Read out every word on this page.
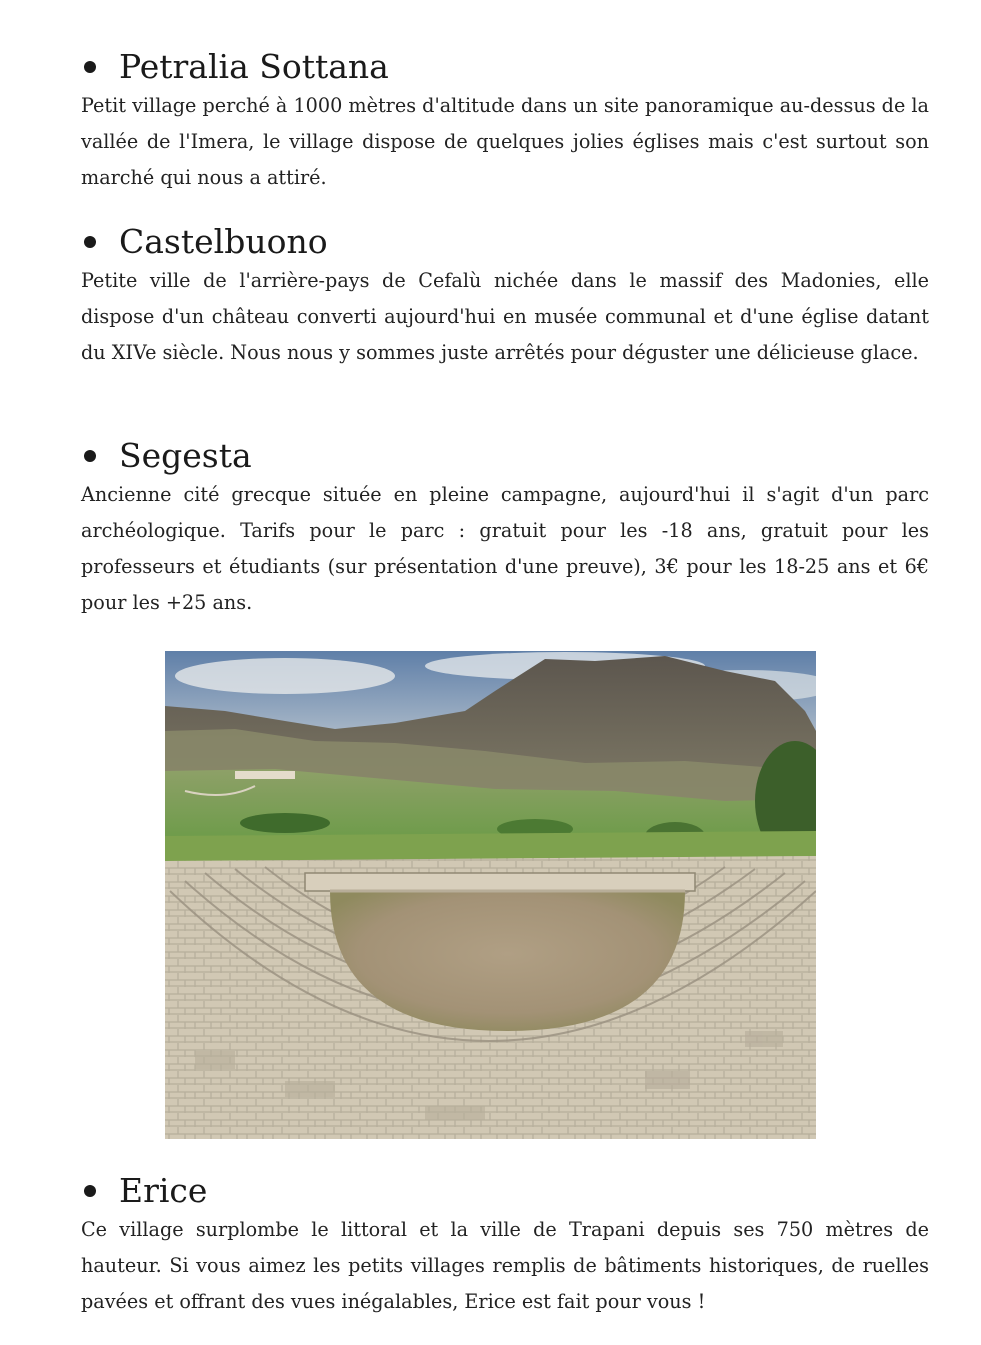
Petralia Sottana

Petit village perché à 1000 mètres d'altitude dans un site panoramique au-dessus de la vallée de l'Imera, le village dispose de quelques jolies églises mais c'est surtout son marché qui nous a attiré.

Castelbuono

Petite ville de l'arrière-pays de Cefalù nichée dans le massif des Madonies, elle dispose d'un château converti aujourd'hui en musée communal et d'une église datant du XIVe siècle. Nous nous y sommes juste arrêtés pour déguster une délicieuse glace.

Segesta

Ancienne cité grecque située en pleine campagne, aujourd'hui il s'agit d'un parc archéologique. Tarifs pour le parc : gratuit pour les -18 ans, gratuit pour les professeurs et étudiants (sur présentation d'une preuve), 3€ pour les 18-25 ans et 6€ pour les +25 ans.

Erice

Ce village surplombe le littoral et la ville de Trapani depuis ses 750 mètres de hauteur. Si vous aimez les petits villages remplis de bâtiments historiques, de ruelles pavées et offrant des vues inégalables, Erice est fait pour vous !
